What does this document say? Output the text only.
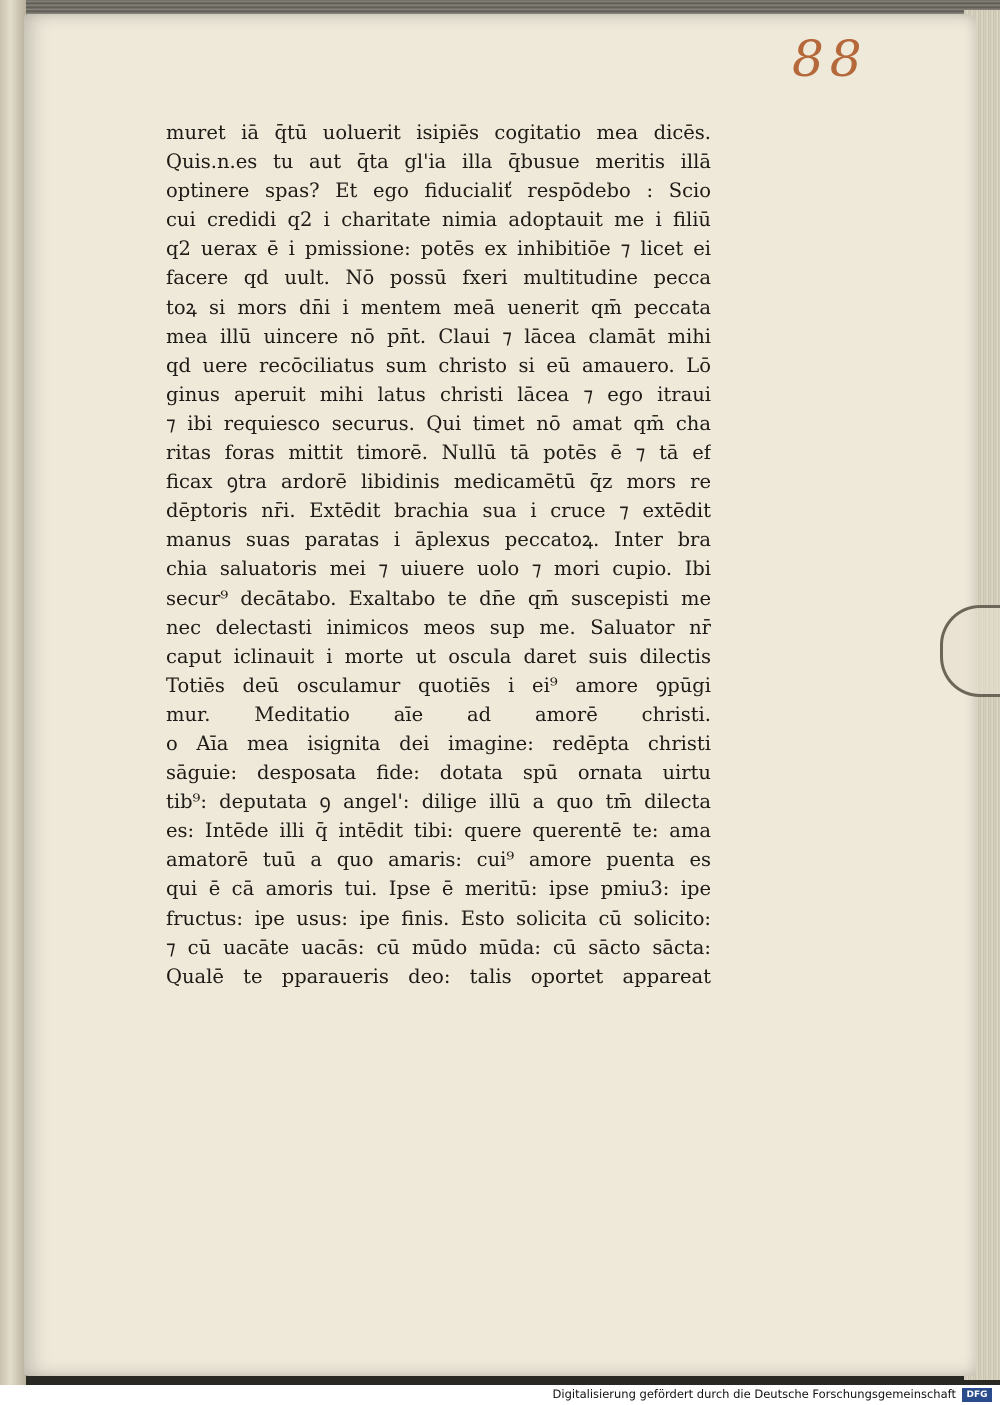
88
muret iā q̄tū uoluerit isipiēs cogitatio mea dicēs.
Quis.n.es tu aut q̄ta gl'ia illa q̄busue meritis illā
optinere spas? Et ego fiducialiť respōdebo : Scio
cui credidi q2 i charitate nimia adoptauit me i filiū
q2 uerax ē i pmissione: potēs ex inhibitiōe ⁊ licet ei
facere qd uult. Nō possū fxeri multitudine pecca
toꝝ si mors dn̄i i mentem meā uenerit qm̄ peccata
mea illū uincere nō pn̄t. Claui ⁊ lācea clamāt mihi
qd uere recōciliatus sum christo si eū amauero. Lō
ginus aperuit mihi latus christi lācea ⁊ ego itraui
⁊ ibi requiesco securus. Qui timet nō amat qm̄ cha
ritas foras mittit timorē. Nullū tā potēs ē ⁊ tā ef
ficax ꝯtra ardorē libidinis medicamētū q̄z mors re
dēptoris nr̄i. Extēdit brachia sua i cruce ⁊ extēdit
manus suas paratas i āplexus peccatoꝝ. Inter bra
chia saluatoris mei ⁊ uiuere uolo ⁊ mori cupio. Ibi
secur⁹ decātabo. Exaltabo te dn̄e qm̄ suscepisti me
nec delectasti inimicos meos sup me. Saluator nr̄
caput iclinauit i morte ut oscula daret suis dilectis
Totiēs deū osculamur quotiēs i ei⁹ amore ꝯpūgi
mur. Meditatio aīe ad amorē christi.
o Aīa mea isignita dei imagine: redēpta christi
sāguie: desposata fide: dotata spū ornata uirtu
tib⁹: deputata ꝯ angel': dilige illū a quo tm̄ dilecta
es: Intēde illi q̄ intēdit tibi: quere querentē te: ama
amatorē tuū a quo amaris: cui⁹ amore puenta es
qui ē cā amoris tui. Ipse ē meritū: ipse pmiu3: ipe
fructus: ipe usus: ipe finis. Esto solicita cū solicito:
⁊ cū uacāte uacās: cū mūdo mūda: cū sācto sācta:
Qualē te pparaueris deo: talis oportet appareat
Digitalisierung gefördert durch die Deutsche Forschungsgemeinschaft	DFG
